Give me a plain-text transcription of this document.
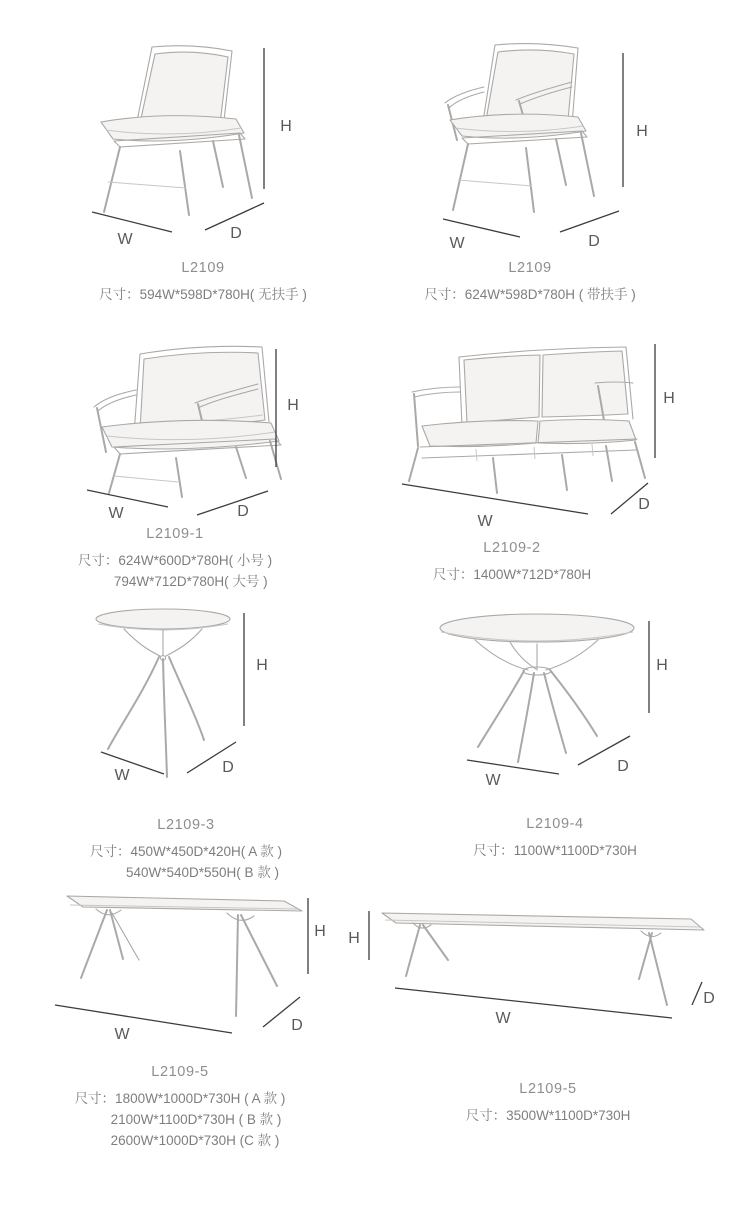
H
W	D
L2109
尺寸：594W*598D*780H( 无扶手 )
H
W	D
L2109
尺寸：624W*598D*780H ( 带扶手 )
H
W	D
L2109-1
尺寸：624W*600D*780H( 小号 )
794W*712D*780H( 大号 )
H
W
D
L2109-2
尺寸：1400W*712D*780H
H
W	D
L2109-3
尺寸：450W*450D*420H( A 款 )
540W*540D*550H( B 款 )
H
W
D
L2109-4
尺寸：1100W*1100D*730H
H
W
D
L2109-5
尺寸：1800W*1000D*730H ( A 款 )
2100W*1100D*730H ( B 款 )
2600W*1000D*730H (C 款 )
H
W
D
L2109-5
尺寸：3500W*1100D*730H
